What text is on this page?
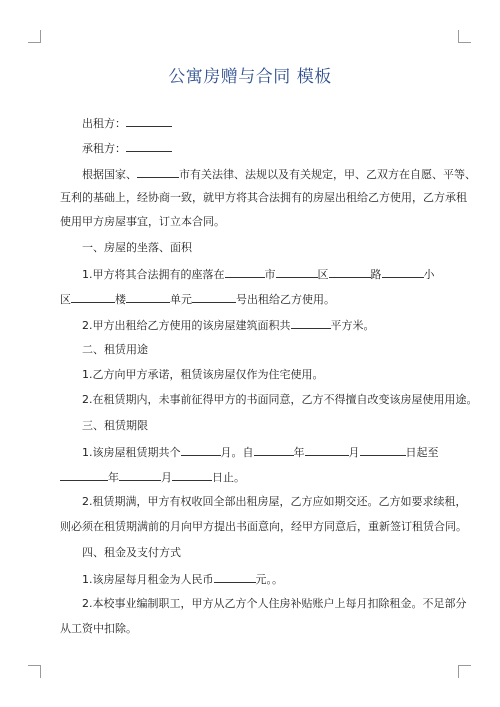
公寓房赠与合同 模板
出租方：
承租方：
根据国家、	市有关法律、法规以及有关规定，甲、乙双方在自愿、平等、
互利的基础上，经协商一致，就甲方将其合法拥有的房屋出租给乙方使用，乙方承租
使用甲方房屋事宜，订立本合同。
一、房屋的坐落、面积
1.甲方将其合法拥有的座落在	市	区	路	小
区	楼	单元	号出租给乙方使用。
2.甲方出租给乙方使用的该房屋建筑面积共	平方米。
二、租赁用途
1.乙方向甲方承诺，租赁该房屋仅作为住宅使用。
2.在租赁期内，未事前征得甲方的书面同意，乙方不得擅自改变该房屋使用用途。
三、租赁期限
1.该房屋租赁期共个	月。自	年	月	日起至
年	月	日止。
2.租赁期满，甲方有权收回全部出租房屋，乙方应如期交还。乙方如要求续租，
则必须在租赁期满前的月向甲方提出书面意向，经甲方同意后，重新签订租赁合同。
四、租金及支付方式
1.该房屋每月租金为人民币	元。。
2.本校事业编制职工，甲方从乙方个人住房补贴账户上每月扣除租金。不足部分
从工资中扣除。
